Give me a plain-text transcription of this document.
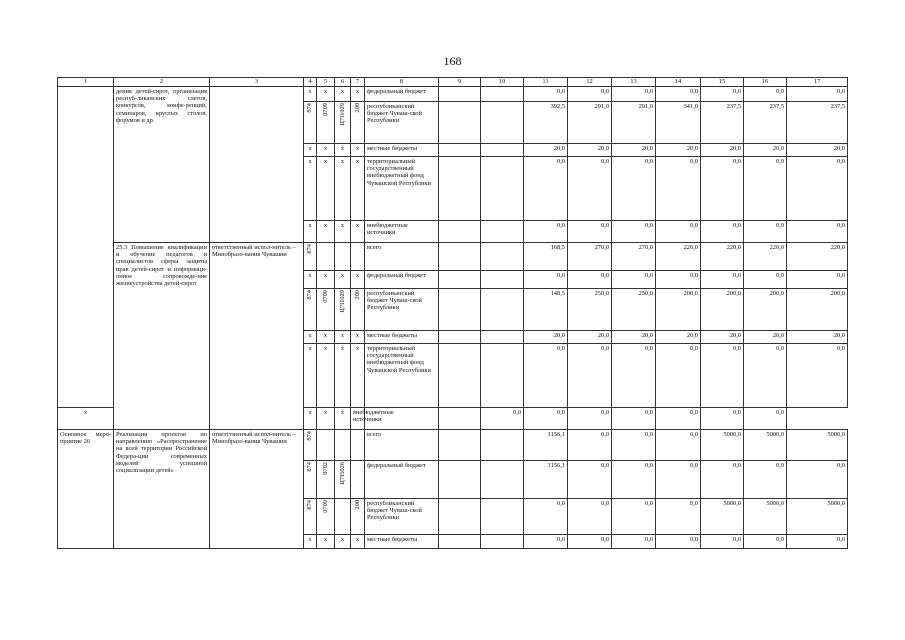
168
1	2	3	4	5	6	7	8	9	10	11	12	13	14	15	16	17
	дения детей-сирот, организация респуб-ликанских слетов, конкурсов, конфе-ренций, семинаров, круглых столов, форумов и др.		x	x	x	x	федеральный бюджет			0,0	0,0	0,0	0,0	0,0	0,0	0,0
			874	0709	Ц7I1029	200	республиканский бюджет Чуваш-ской Республики			392,5	291,0	291,0	341,0	237,5	237,5	237,5
			x	x	x	x	местные бюджеты			20,0	20,0	20,0	20,0	20,0	20,0	20,0
			x	x	x	x	территориальный государственный внебюджетный фонд Чувашской Республики			0,0	0,0	0,0	0,0	0,0	0,0	0,0
			x	x	x	x	внебюджетные источники			0,0	0,0	0,0	0,0	0,0	0,0	0,0
	25.3 Повышение квалификации и обучение педагогов и специалистов сферы защиты прав детей-сирот и информаци-онное сопровожде-ние жизнеустройства детей-сирот	ответственный испол-нитель – Минобразо-вания Чувашии	874				всего			168,5	270,0	270,0	220,0	220,0	220,0	220,0
			x	x	x	x	федеральный бюджет			0,0	0,0	0,0	0,0	0,0	0,0	0,0
			874	0709	Ц7I1029	200	республиканский бюджет Чуваш-ской Республики			148,5	250,0	250,0	200,0	200,0	200,0	200,0
			x	x	x	x	местные бюджеты			20,0	20,0	20,0	20,0	20,0	20,0	20,0
			x	x	x	x	территориальный государственный внебюджетный фонд Чувашской Республики			0,0	0,0	0,0	0,0	0,0	0,0	0,0
x			x	x	x	внебюджетные источники			0,0	0,0	0,0	0,0	0,0	0,0	0,0	
Основное меро-приятие 26	Реализация проектов по направлению «Распространение на всей территории Российской Федера-ции современных моделей успешной социализации детей»	ответственный испол-нитель – Минобразо-вания Чувашии	874				всего			3156,1	0,0	0,0	0,0	5000,0	5000,0	5000,0
			874	0702	Ц7I5026		федеральный бюджет			3156,1	0,0	0,0	0,0	0,0	0,0	0,0
			874	0709		200	республиканский бюджет Чуваш-ской Республики			0,0	0,0	0,0	0,0	5000,0	5000,0	5000,0
			x	x	x	x	местные бюджеты			0,0	0,0	0,0	0,0	0,0	0,0	0,0
